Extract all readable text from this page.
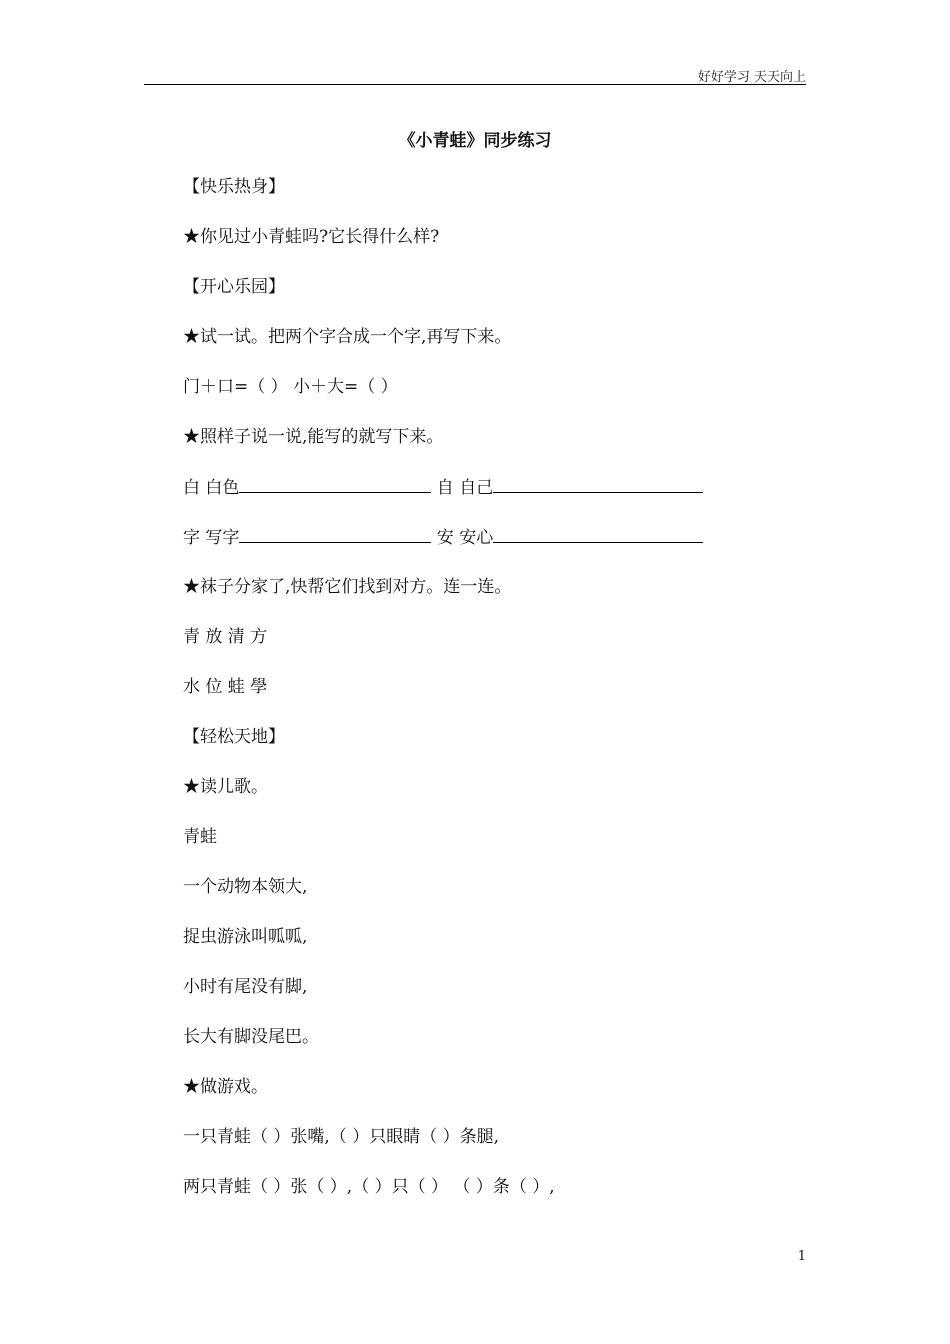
好好学习 天天向上
《小青蛙》同步练习
【快乐热身】
★你见过小青蛙吗?它长得什么样?
【开心乐园】
★试一试。把两个字合成一个字,再写下来。
门＋口=（ ） 小＋大=（ ）
★照样子说一说,能写的就写下来。
白 白色	自 自己
字 写字	安 安心
★袜子分家了,快帮它们找到对方。连一连。
青 放 清 方
水 位 蛙 學
【轻松天地】
★读儿歌。
青蛙
一个动物本领大,
捉虫游泳叫呱呱,
小时有尾没有脚,
长大有脚没尾巴。
★做游戏。
一只青蛙（ ）张嘴,（ ）只眼睛（ ）条腿,
两只青蛙（ ）张（ ）,（ ）只（ ） （ ）条（ ）,
1
